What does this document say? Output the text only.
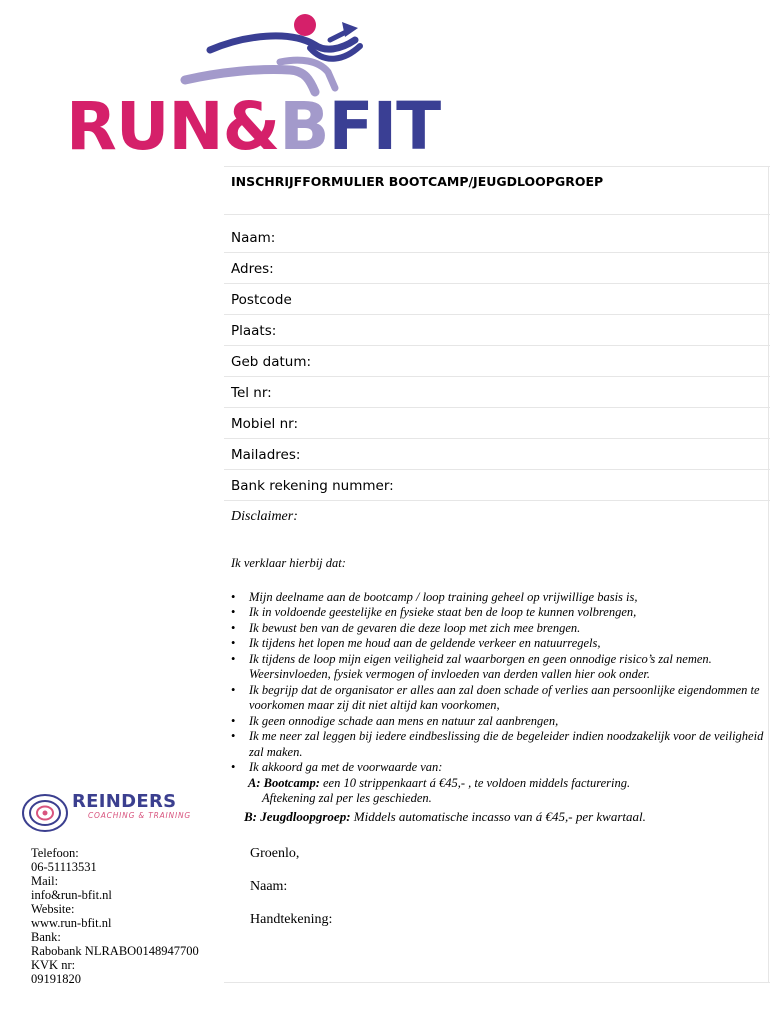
RUN&BFIT
INSCHRIJFFORMULIER BOOTCAMP/JEUGDLOOPGROEP
Naam:
Adres:
Postcode
Plaats:
Geb datum:
Tel nr:
Mobiel nr:
Mailadres:
Bank rekening nummer:
Disclaimer:
Ik verklaar hierbij dat:
• Mijn deelname aan de bootcamp / loop training geheel op vrijwillige basis is,
• Ik in voldoende geestelijke en fysieke staat ben de loop te kunnen volbrengen,
• Ik bewust ben van de gevaren die deze loop met zich mee brengen.
• Ik tijdens het lopen me houd aan de geldende verkeer en natuurregels,
• Ik tijdens de loop mijn eigen veiligheid zal waarborgen en geen onnodige risico’s zal nemen. Weersinvloeden, fysiek vermogen of invloeden van derden vallen hier ook onder.
• Ik begrijp dat de organisator er alles aan zal doen schade of verlies aan persoonlijke eigendommen te voorkomen maar zij dit niet altijd kan voorkomen,
• Ik geen onnodige schade aan mens en natuur zal aanbrengen,
• Ik me neer zal leggen bij iedere eindbeslissing die de begeleider indien noodzakelijk voor de veiligheid zal maken.
• Ik akkoord ga met de voorwaarde van:
A: Bootcamp: een 10 strippenkaart á €45,- , te voldoen middels facturering.
Aftekening zal per les geschieden.
B: Jeugdloopgroep: Middels automatische incasso van á €45,- per kwartaal.
Groenlo,
Naam:
Handtekening:
REINDERS
COACHING & TRAINING
Telefoon:
06-51113531
Mail:
info&run-bfit.nl
Website:
www.run-bfit.nl
Bank:
Rabobank NLRABO0148947700
KVK nr:
09191820
